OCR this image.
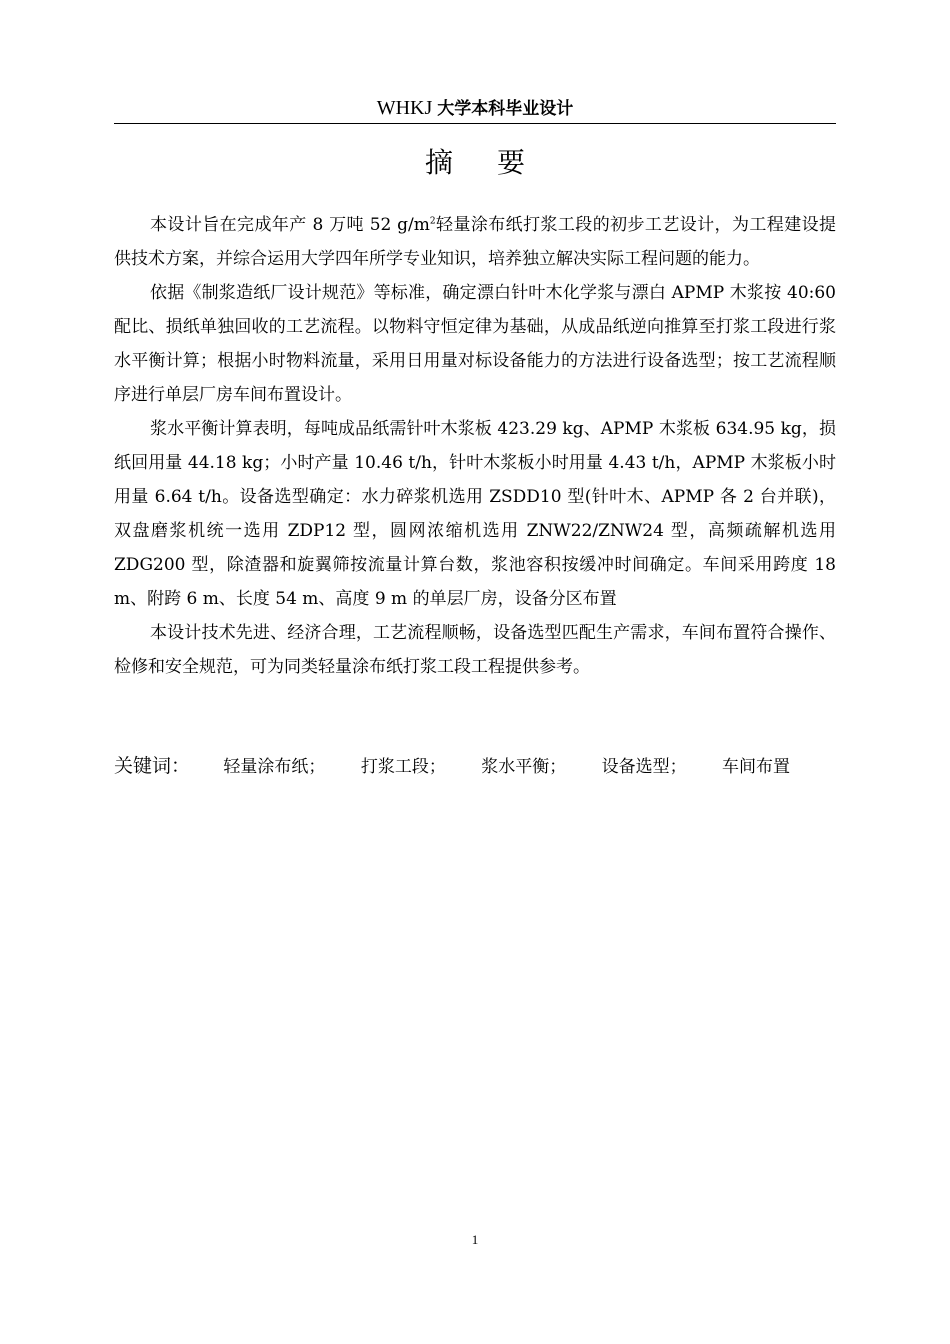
WHKJ 大学本科毕业设计
摘要

本设计旨在完成年产 8 万吨 52 $g/m^2$轻量涂布纸打浆工段的初步工艺设计，为工程建设提供技术方案，并综合运用大学四年所学专业知识，培养独立解决实际工程问题的能力。

依据《制浆造纸厂设计规范》等标准，确定漂白针叶木化学浆与漂白 APMP 木浆按 40:60 配比、损纸单独回收的工艺流程。以物料守恒定律为基础，从成品纸逆向推算至打浆工段进行浆水平衡计算；根据小时物料流量，采用日用量对标设备能力的方法进行设备选型；按工艺流程顺序进行单层厂房车间布置设计。

浆水平衡计算表明，每吨成品纸需针叶木浆板 423.29 kg、APMP 木浆板 634.95 kg，损纸回用量 44.18 kg；小时产量 10.46 t/h，针叶木浆板小时用量 4.43 t/h，APMP 木浆板小时用量 6.64 t/h。设备选型确定：水力碎浆机选用 ZSDD10 型(针叶木、APMP 各 2 台并联)，双盘磨浆机统一选用 ZDP12 型，圆网浓缩机选用 ZNW22/ZNW24 型，高频疏解机选用 ZDG200 型，除渣器和旋翼筛按流量计算台数，浆池容积按缓冲时间确定。车间采用跨度 18 m、附跨 6 m、长度 54 m、高度 9 m 的单层厂房，设备分区布置

本设计技术先进、经济合理，工艺流程顺畅，设备选型匹配生产需求，车间布置符合操作、检修和安全规范，可为同类轻量涂布纸打浆工段工程提供参考。

关键词： 轻量涂布纸； 打浆工段； 浆水平衡； 设备选型； 车间布置
1
